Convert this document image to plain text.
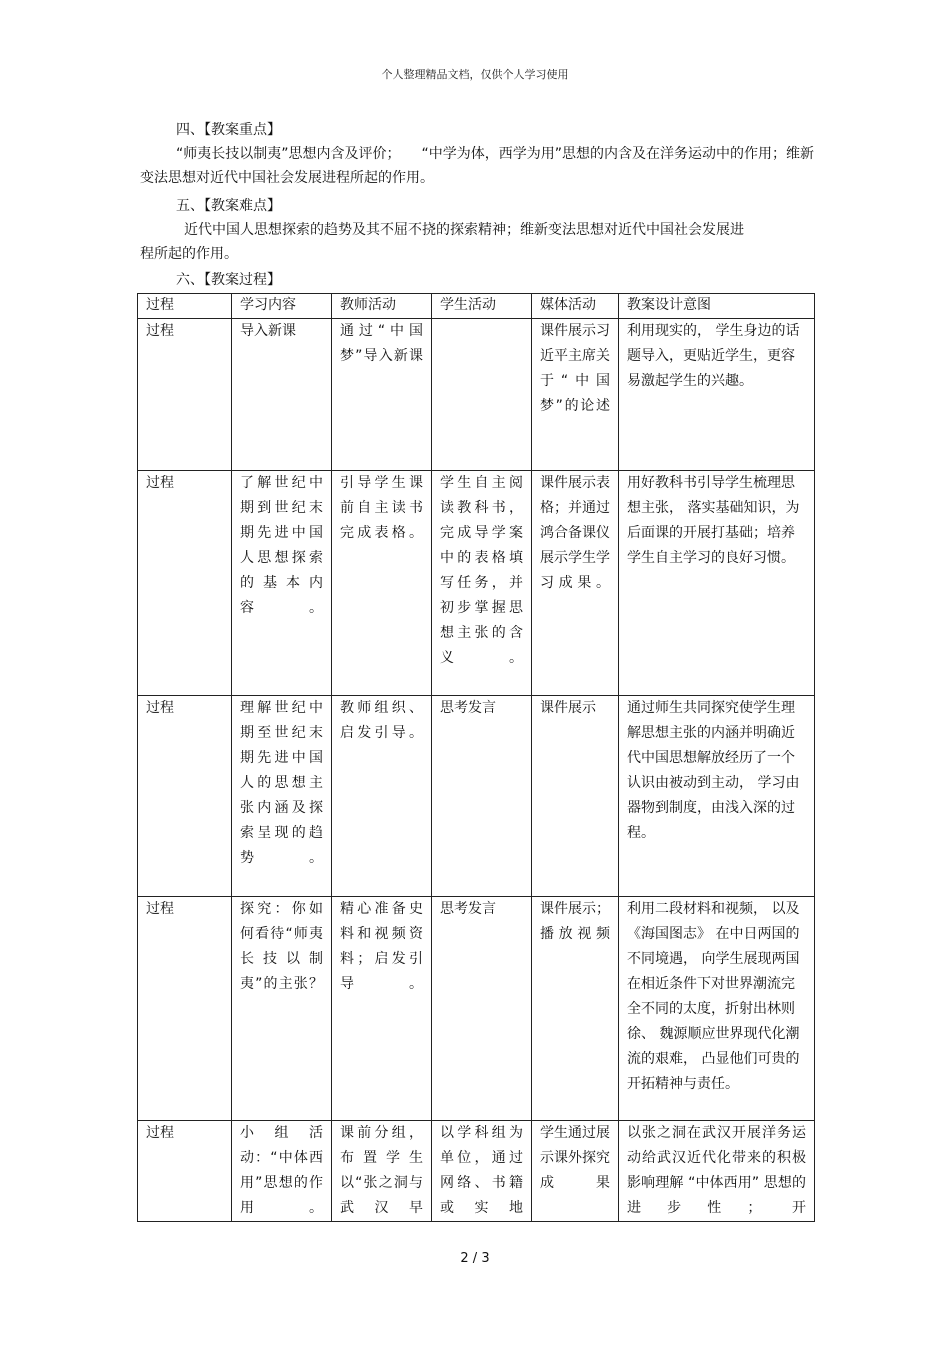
个人整理精品文档，仅供个人学习使用
四、【教案重点】
“师夷长技以制夷”思想内含及评价；　　“中学为体，西学为用”思想的内含及在洋务运动中的作用；维新变法思想对近代中国社会发展进程所起的作用。
五、【教案难点】
近代中国人思想探索的趋势及其不屈不挠的探索精神；维新变法思想对近代中国社会发展进程所起的作用。
六、【教案过程】
过程	学习内容	教师活动	学生活动	媒体活动	教案设计意图
过程	导入新课	通过“中国梦”导入新课		课件展示习近平主席关于“中国梦”的论述	利用现实的， 学生身边的话题导入，更贴近学生，更容易激起学生的兴趣。
过程	了解世纪中期到世纪末期先进中国人思想探索的基本内容。	引导学生课前自主读书完成表格。	学生自主阅读教科书，完成导学案中的表格填写任务，并初步掌握思想主张的含义。	课件展示表格；并通过鸿合备课仪展示学生学习成果。	用好教科书引导学生梳理思想主张， 落实基础知识，为后面课的开展打基础；培养学生自主学习的良好习惯。
过程	理解世纪中期至世纪末期先进中国人的思想主张内涵及探索呈现的趋势。	教师组织、启发引导。	思考发言	课件展示	通过师生共同探究使学生理解思想主张的内涵并明确近代中国思想解放经历了一个认识由被动到主动， 学习由器物到制度，由浅入深的过程。
过程	探究：你如何看待“师夷长技以制夷”的主张？	精心准备史料和视频资料；启发引导。	思考发言	课件展示；播放视频	利用二段材料和视频， 以及《海国图志》 在中日两国的不同境遇， 向学生展现两国在相近条件下对世界潮流完全不同的太度，折射出林则徐、 魏源顺应世界现代化潮流的艰难， 凸显他们可贵的开拓精神与责任。
过程	小组活动：“中体西用”思想的作用。	课前分组，布置学生以“张之洞与武汉早	以学科组为单位，通过网络、书籍或实地	学生通过展示课外探究成果	以张之洞在武汉开展洋务运动给武汉近代化带来的积极影响理解 “中体西用” 思想的进步性； 开
2 / 3
